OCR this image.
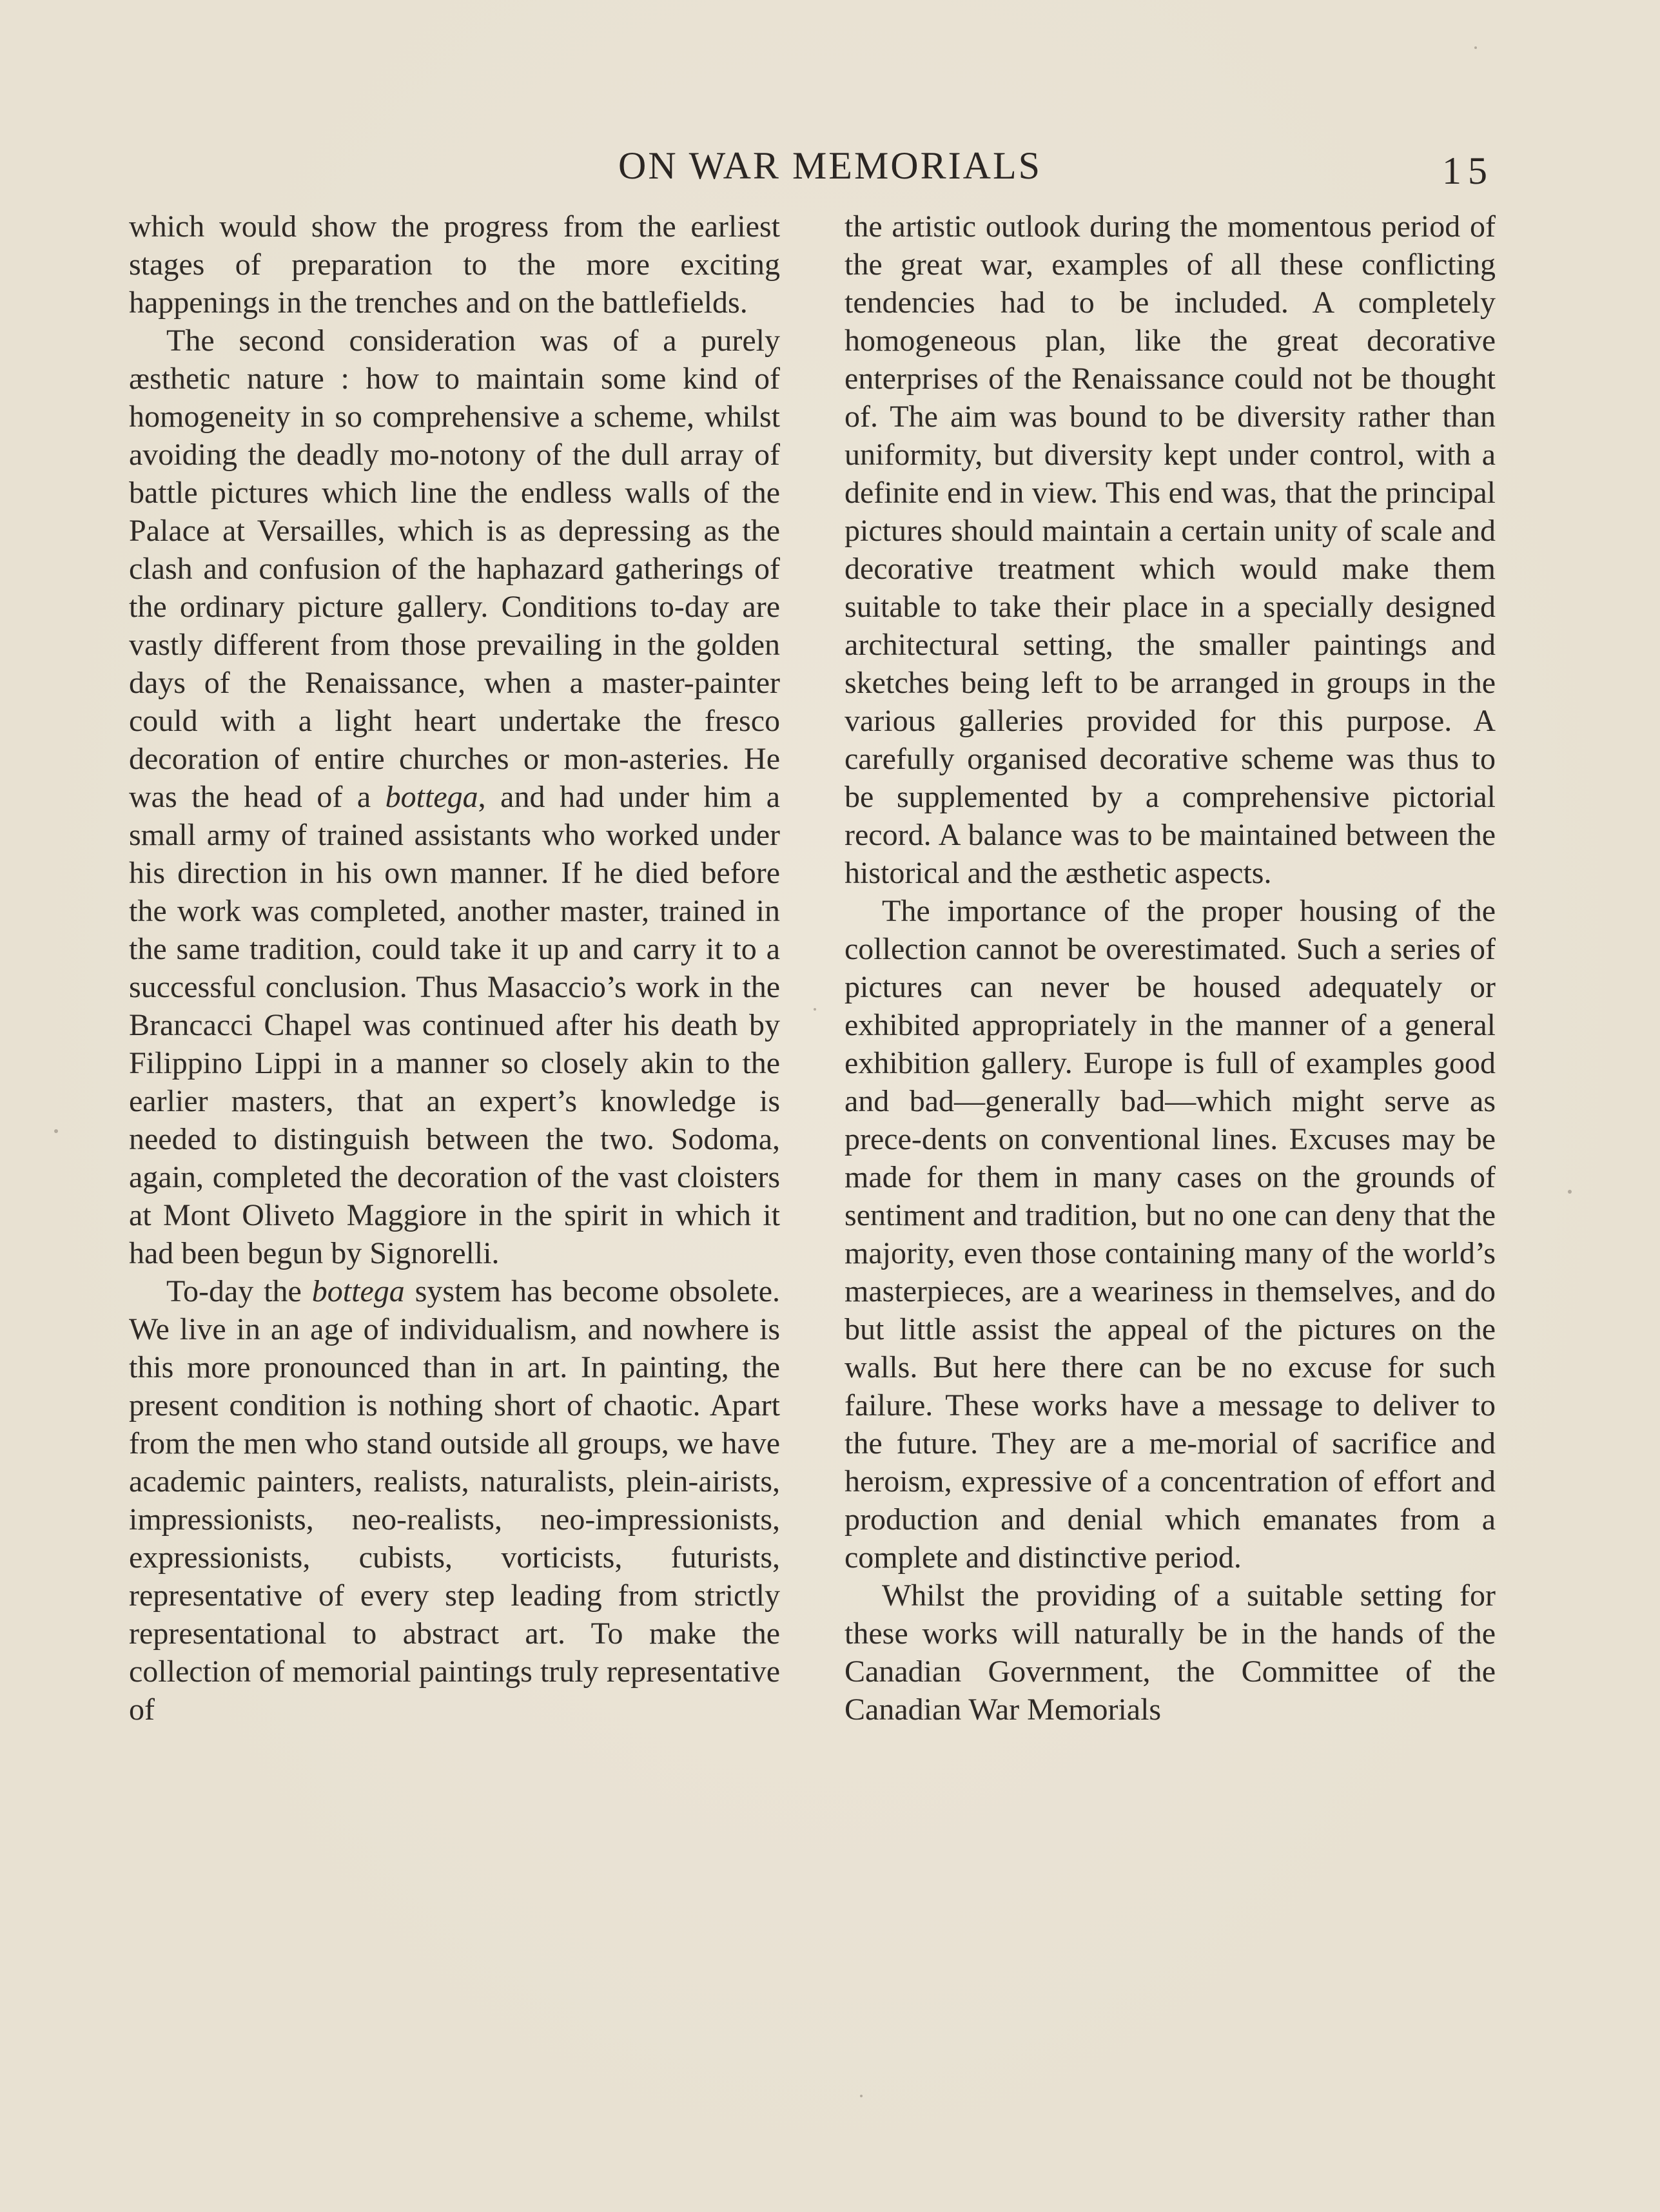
ON WAR MEMORIALS	15

which would show the progress from the earliest stages of preparation to the more exciting happenings in the trenches and on the battlefields.

The second consideration was of a purely æsthetic nature : how to maintain some kind of homogeneity in so comprehensive a scheme, whilst avoiding the deadly mo-notony of the dull array of battle pictures which line the endless walls of the Palace at Versailles, which is as depressing as the clash and confusion of the haphazard gatherings of the ordinary picture gallery. Conditions to-day are vastly different from those prevailing in the golden days of the Renaissance, when a master-painter could with a light heart undertake the fresco decoration of entire churches or mon-asteries. He was the head of a bottega, and had under him a small army of trained assistants who worked under his direction in his own manner. If he died before the work was completed, another master, trained in the same tradition, could take it up and carry it to a successful conclusion. Thus Masaccio’s work in the Brancacci Chapel was continued after his death by Filippino Lippi in a manner so closely akin to the earlier masters, that an expert’s knowledge is needed to distinguish between the two. Sodoma, again, completed the decoration of the vast cloisters at Mont Oliveto Maggiore in the spirit in which it had been begun by Signorelli.

To-day the bottega system has become obsolete. We live in an age of individualism, and nowhere is this more pronounced than in art. In painting, the present condition is nothing short of chaotic. Apart from the men who stand outside all groups, we have academic painters, realists, naturalists, plein-airists, impressionists, neo-realists, neo-impressionists, expressionists, cubists, vorticists, futurists, representative of every step leading from strictly representational to abstract art. To make the collection of memorial paintings truly representative of

the artistic outlook during the momentous period of the great war, examples of all these conflicting tendencies had to be included. A completely homogeneous plan, like the great decorative enterprises of the Renaissance could not be thought of. The aim was bound to be diversity rather than uniformity, but diversity kept under control, with a definite end in view. This end was, that the principal pictures should maintain a certain unity of scale and decorative treatment which would make them suitable to take their place in a specially designed architectural setting, the smaller paintings and sketches being left to be arranged in groups in the various galleries provided for this purpose. A carefully organised decorative scheme was thus to be supplemented by a comprehensive pictorial record. A balance was to be maintained between the historical and the æsthetic aspects.

The importance of the proper housing of the collection cannot be overestimated. Such a series of pictures can never be housed adequately or exhibited appropriately in the manner of a general exhibition gallery. Europe is full of examples good and bad—generally bad—which might serve as prece-dents on conventional lines. Excuses may be made for them in many cases on the grounds of sentiment and tradition, but no one can deny that the majority, even those containing many of the world’s masterpieces, are a weariness in themselves, and do but little assist the appeal of the pictures on the walls. But here there can be no excuse for such failure. These works have a message to deliver to the future. They are a me-morial of sacrifice and heroism, expressive of a concentration of effort and production and denial which emanates from a complete and distinctive period.

Whilst the providing of a suitable setting for these works will naturally be in the hands of the Canadian Government, the Committee of the Canadian War Memorials
